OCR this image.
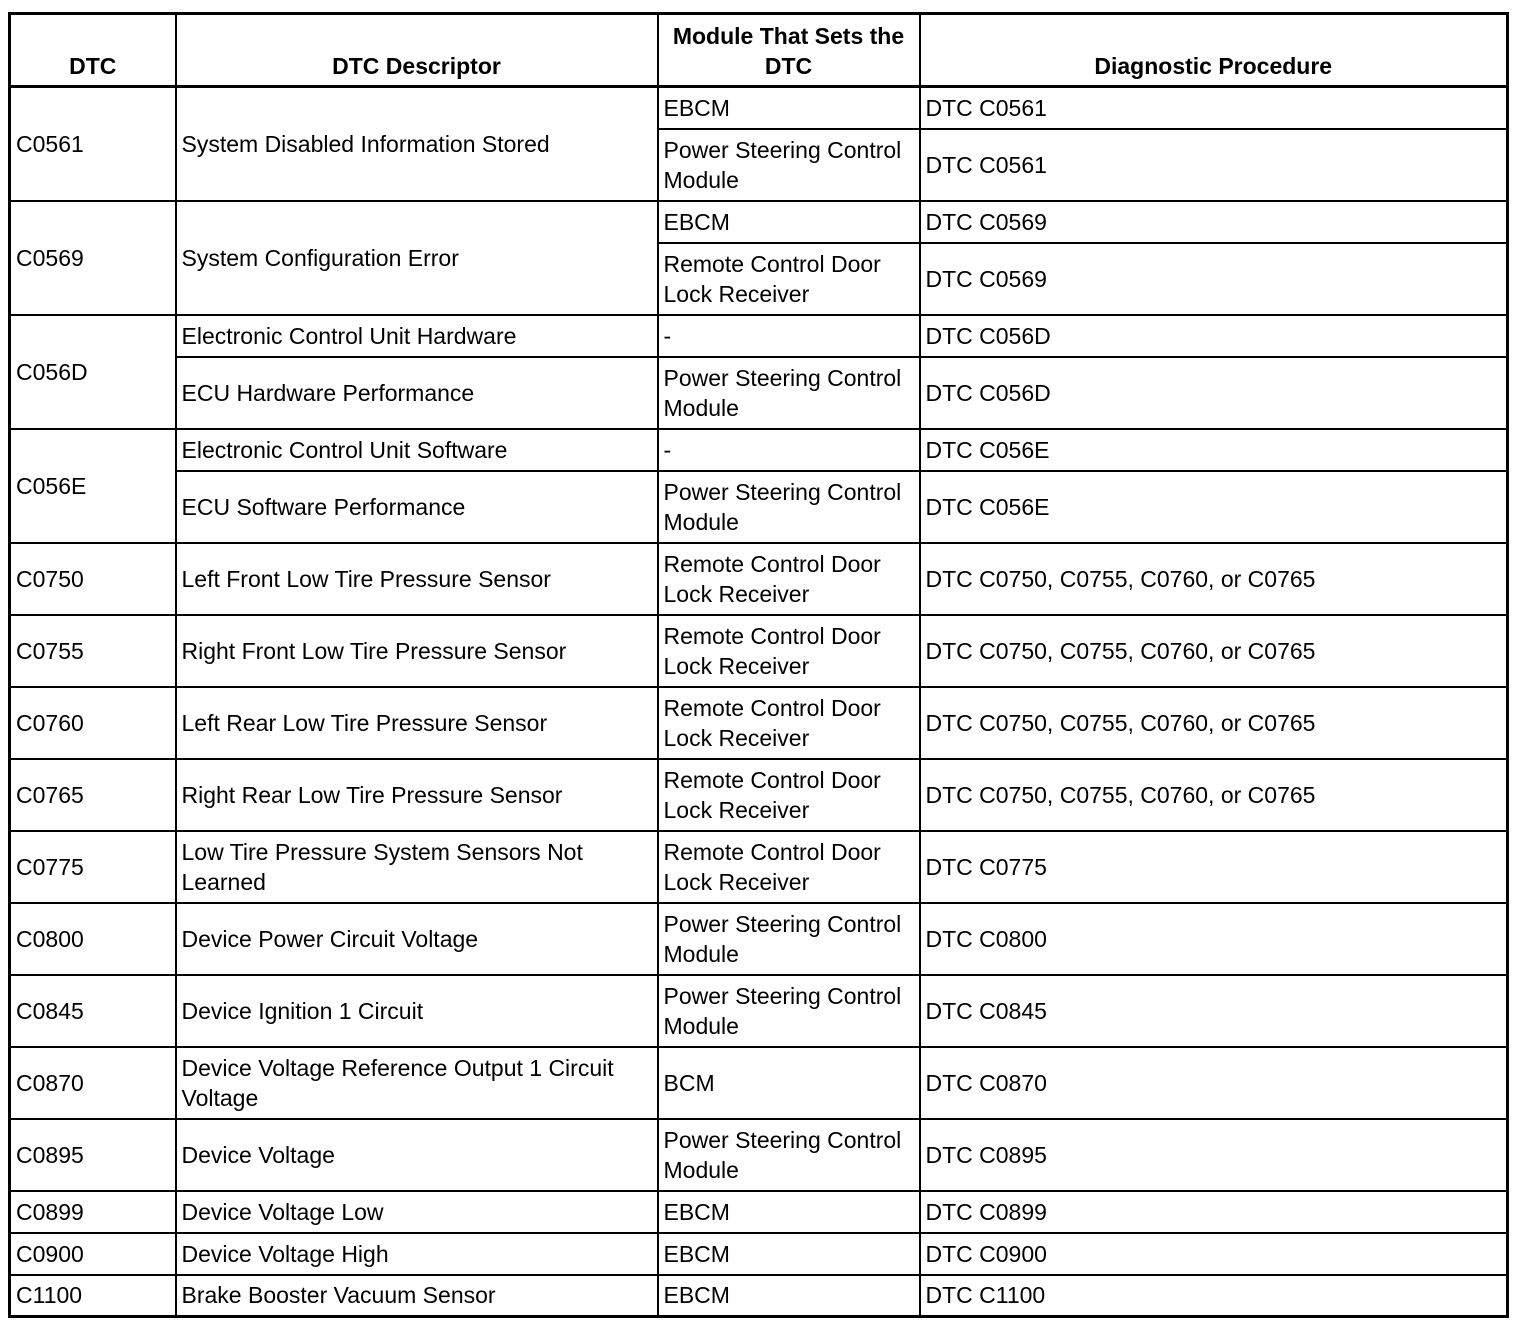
DTC	DTC Descriptor	Module That Sets the DTC	Diagnostic Procedure
C0561	System Disabled Information Stored	EBCM	DTC C0561
		Power Steering Control Module	DTC C0561
C0569	System Configuration Error	EBCM	DTC C0569
		Remote Control Door Lock Receiver	DTC C0569
C056D	Electronic Control Unit Hardware	-	DTC C056D
	ECU Hardware Performance	Power Steering Control Module	DTC C056D
C056E	Electronic Control Unit Software	-	DTC C056E
	ECU Software Performance	Power Steering Control Module	DTC C056E
C0750	Left Front Low Tire Pressure Sensor	Remote Control Door Lock Receiver	DTC C0750, C0755, C0760, or C0765
C0755	Right Front Low Tire Pressure Sensor	Remote Control Door Lock Receiver	DTC C0750, C0755, C0760, or C0765
C0760	Left Rear Low Tire Pressure Sensor	Remote Control Door Lock Receiver	DTC C0750, C0755, C0760, or C0765
C0765	Right Rear Low Tire Pressure Sensor	Remote Control Door Lock Receiver	DTC C0750, C0755, C0760, or C0765
C0775	Low Tire Pressure System Sensors Not Learned	Remote Control Door Lock Receiver	DTC C0775
C0800	Device Power Circuit Voltage	Power Steering Control Module	DTC C0800
C0845	Device Ignition 1 Circuit	Power Steering Control Module	DTC C0845
C0870	Device Voltage Reference Output 1 Circuit Voltage	BCM	DTC C0870
C0895	Device Voltage	Power Steering Control Module	DTC C0895
C0899	Device Voltage Low	EBCM	DTC C0899
C0900	Device Voltage High	EBCM	DTC C0900
C1100	Brake Booster Vacuum Sensor	EBCM	DTC C1100
